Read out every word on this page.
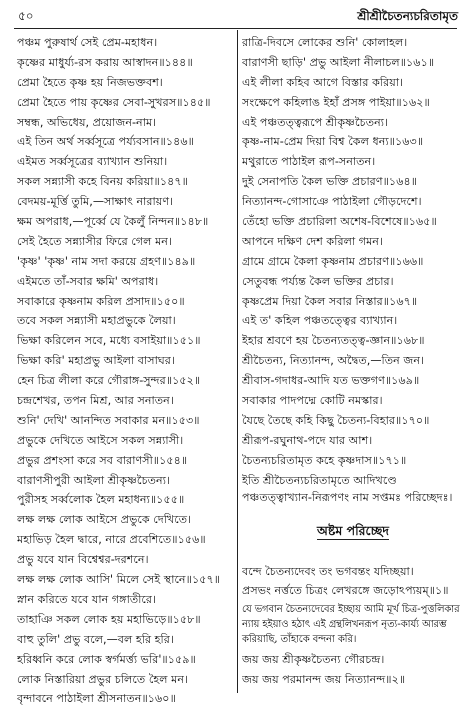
৫০	শ্রীশ্রীচৈতন্যচরিতামৃত
পঞ্চম পুরুষার্থ সেই প্রেম-মহাধন।
কৃষ্ণের মাধুর্য্য-রস করায় আস্বাদন॥১৪৪॥
প্রেমা হৈতে কৃষ্ণ হয় নিজভক্তবশ।
প্রেমা হৈতে পায় কৃষ্ণের সেবা-সুখরস॥১৪৫॥
সম্বন্ধ, অভিধেয়, প্রয়োজন-নাম।
এই তিন অর্থ সর্ব্বসূত্রে পর্য্যবসান॥১৪৬॥
এইমত সর্ব্বসূত্রের ব্যাখ্যান শুনিয়া।
সকল সন্ন্যাসী কহে বিনয় করিয়া॥১৪৭॥
বেদময়-মূর্ত্তি তুমি,—সাক্ষাৎ নারায়ণ।
ক্ষম অপরাধ,—পূর্ব্বে যে কৈলুঁ নিন্দন॥১৪৮॥
সেই হৈতে সন্ন্যাসীর ফিরে গেল মন।
'কৃষ্ণ' 'কৃষ্ণ' নাম সদা করয়ে গ্রহণ॥১৪৯॥
এইমতে তাঁ-সবার ক্ষমি' অপরাধ।
সবাকারে কৃষ্ণনাম করিল প্রসাদ॥১৫০॥
তবে সকল সন্ন্যাসী মহাপ্রভুকে লৈয়া।
ভিক্ষা করিলেন সবে, মধ্যে বসাইয়া॥১৫১॥
ভিক্ষা করি' মহাপ্রভু আইলা বাসাঘর।
হেন চিত্র লীলা করে গৌরাঙ্গ-সুন্দর॥১৫২॥
চন্দ্রশেখর, তপন মিশ্র, আর সনাতন।
শুনি' দেখি' আনন্দিত সবাকার মন॥১৫৩॥
প্রভুকে দেখিতে আইসে সকল সন্ন্যাসী।
প্রভুর প্রশংসা করে সব বারাণসী॥১৫৪॥
বারাণসীপুরী আইলা শ্রীকৃষ্ণচৈতন্য।
পুরীসহ সর্ব্বলোক হৈল মহাধন্য॥১৫৫॥
লক্ষ লক্ষ লোক আইসে প্রভুকে দেখিতে।
মহাভিড় হৈল দ্বারে, নারে প্রবেশিতে॥১৫৬॥
প্রভু যবে যান বিশ্বেশ্বর-দরশনে।
লক্ষ লক্ষ লোক আসি' মিলে সেই স্থানে॥১৫৭॥
স্নান করিতে যবে যান গঙ্গাতীরে।
তাহাঞি সকল লোক হয় মহাভিড়ে॥১৫৮॥
বাহু তুলি' প্রভু বলে,—বল হরি হরি।
হরিধ্বনি করে লোক স্বর্গমর্ত্ত্য ভরি'॥১৫৯॥
লোক নিস্তারিয়া প্রভুর চলিতে হৈল মন।
বৃন্দাবনে পাঠাইলা শ্রীসনাতন॥১৬০॥
রাত্রি-দিবসে লোকের শুনি' কোলাহল।
বারাণসী ছাড়ি' প্রভু আইলা নীলাচল॥১৬১॥
এই লীলা কহিব আগে বিস্তার করিয়া।
সংক্ষেপে কহিলাঙ ইহাঁ প্রসঙ্গ পাইয়া॥১৬২॥
এই পঞ্চতত্ত্বরূপে শ্রীকৃষ্ণচৈতন্য।
কৃষ্ণ-নাম-প্রেম দিয়া বিশ্ব কৈল ধন্য॥১৬৩॥
মথুরাতে পাঠাইল রূপ-সনাতন।
দুই সেনাপতি কৈল ভক্তি প্রচারণ॥১৬৪॥
নিত্যানন্দ-গোসাঞে পাঠাইলা গৌড়দেশে।
তেঁহো ভক্তি প্রচারিলা অশেষ-বিশেষে॥১৬৫॥
আপনে দক্ষিণ দেশ করিলা গমন।
গ্রামে গ্রামে কৈলা কৃষ্ণনাম প্রচারণ॥১৬৬॥
সেতুবন্ধ পর্য্যন্ত কৈল ভক্তির প্রচার।
কৃষ্ণপ্রেম দিয়া কৈল সবার নিস্তার॥১৬৭॥
এই ত' কহিল পঞ্চতত্ত্বের ব্যাখ্যান।
ইহার শ্রবণে হয় চৈতন্যতত্ত্ব-জ্ঞান॥১৬৮॥
শ্রীচৈতন্য, নিত্যানন্দ, অদ্বৈত,—তিন জন।
শ্রীবাস-গদাধর-আদি যত ভক্তগণ॥১৬৯॥
সবাকার পাদপদ্মে কোটি নমস্কার।
যৈছে তৈছে কহি কিছু চৈতন্য-বিহার॥১৭০॥
শ্রীরূপ-রঘুনাথ-পদে যার আশ।
চৈতন্যচরিতামৃত কহে কৃষ্ণদাস॥১৭১॥
ইতি শ্রীচৈতন্যচরিতামৃতে আদিখণ্ডে পঞ্চতত্ত্বাখ্যান-নিরূপণং নাম সপ্তমঃ পরিচ্ছেদঃ।
অষ্টম পরিচ্ছেদ
বন্দে চৈতন্যদেবং তং ভগবন্তং যদিচ্ছয়া।
প্রসভং নর্ত্ততে চিত্রং লেখরঙ্গে জড়োঽপ্যয়ম্॥১॥
যে ভগবান চৈতন্যদেবের ইচ্ছায় আমি মূর্খ চিত্র-পুত্তলিকার ন্যায় হইয়াও হঠাৎ এই গ্রন্থলিখনরূপ নৃত্য-কার্য্য আরম্ভ করিয়াছি, তাঁহাকে বন্দনা করি।
জয় জয় শ্রীকৃষ্ণচৈতন্য গৌরচন্দ্র।
জয় জয় পরমানন্দ জয় নিত্যানন্দ॥২॥
